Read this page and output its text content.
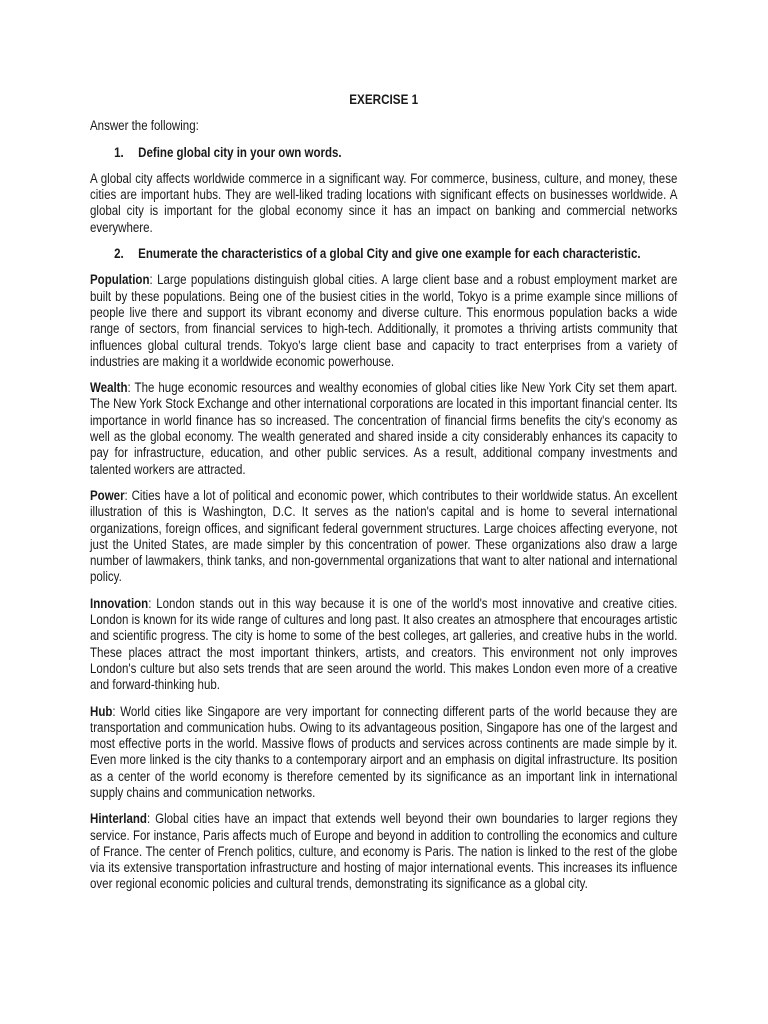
EXERCISE 1
Answer the following:
1.	Define global city in your own words.

A global city affects worldwide commerce in a significant way. For commerce, business, culture, and money, these cities are important hubs. They are well-liked trading locations with significant effects on businesses worldwide. A global city is important for the global economy since it has an impact on banking and commercial networks everywhere.

2.	Enumerate the characteristics of a global City and give one example for each characteristic.

Population: Large populations distinguish global cities. A large client base and a robust employment market are built by these populations. Being one of the busiest cities in the world, Tokyo is a prime example since millions of people live there and support its vibrant economy and diverse culture. This enormous population backs a wide range of sectors, from financial services to high-tech. Additionally, it promotes a thriving artists community that influences global cultural trends. Tokyo's large client base and capacity to tract enterprises from a variety of industries are making it a worldwide economic powerhouse.

Wealth: The huge economic resources and wealthy economies of global cities like New York City set them apart. The New York Stock Exchange and other international corporations are located in this important financial center. Its importance in world finance has so increased. The concentration of financial firms benefits the city's economy as well as the global economy. The wealth generated and shared inside a city considerably enhances its capacity to pay for infrastructure, education, and other public services. As a result, additional company investments and talented workers are attracted.

Power: Cities have a lot of political and economic power, which contributes to their worldwide status. An excellent illustration of this is Washington, D.C. It serves as the nation's capital and is home to several international organizations, foreign offices, and significant federal government structures. Large choices affecting everyone, not just the United States, are made simpler by this concentration of power. These organizations also draw a large number of lawmakers, think tanks, and non-governmental organizations that want to alter national and international policy.

Innovation: London stands out in this way because it is one of the world's most innovative and creative cities. London is known for its wide range of cultures and long past. It also creates an atmosphere that encourages artistic and scientific progress. The city is home to some of the best colleges, art galleries, and creative hubs in the world. These places attract the most important thinkers, artists, and creators. This environment not only improves London's culture but also sets trends that are seen around the world. This makes London even more of a creative and forward-thinking hub.

Hub: World cities like Singapore are very important for connecting different parts of the world because they are transportation and communication hubs. Owing to its advantageous position, Singapore has one of the largest and most effective ports in the world. Massive flows of products and services across continents are made simple by it. Even more linked is the city thanks to a contemporary airport and an emphasis on digital infrastructure. Its position as a center of the world economy is therefore cemented by its significance as an important link in international supply chains and communication networks.

Hinterland: Global cities have an impact that extends well beyond their own boundaries to larger regions they service. For instance, Paris affects much of Europe and beyond in addition to controlling the economics and culture of France. The center of French politics, culture, and economy is Paris. The nation is linked to the rest of the globe via its extensive transportation infrastructure and hosting of major international events. This increases its influence over regional economic policies and cultural trends, demonstrating its significance as a global city.
